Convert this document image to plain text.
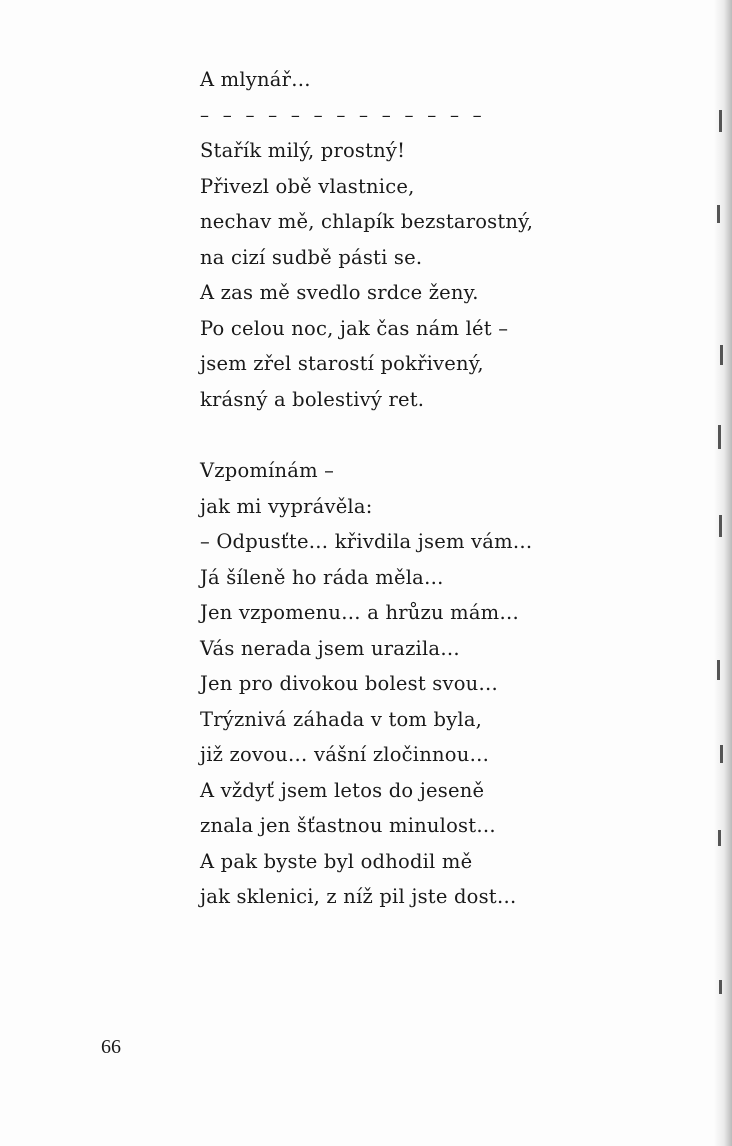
A mlynář…
– – – – – – – – – – – – –
Stařík milý, prostný!
Přivezl obě vlastnice,
nechav mě, chlapík bezstarostný,
na cizí sudbě pásti se.
A zas mě svedlo srdce ženy.
Po celou noc, jak čas nám lét –
jsem zřel starostí pokřivený,
krásný a bolestivý ret.
Vzpomínám –
jak mi vyprávěla:
– Odpusťte… křivdila jsem vám…
Já šíleně ho ráda měla…
Jen vzpomenu… a hrůzu mám…
Vás nerada jsem urazila…
Jen pro divokou bolest svou…
Trýznivá záhada v tom byla,
již zovou… vášní zločinnou…
A vždyť jsem letos do jeseně
znala jen šťastnou minulost…
A pak byste byl odhodil mě
jak sklenici, z níž pil jste dost…
66
